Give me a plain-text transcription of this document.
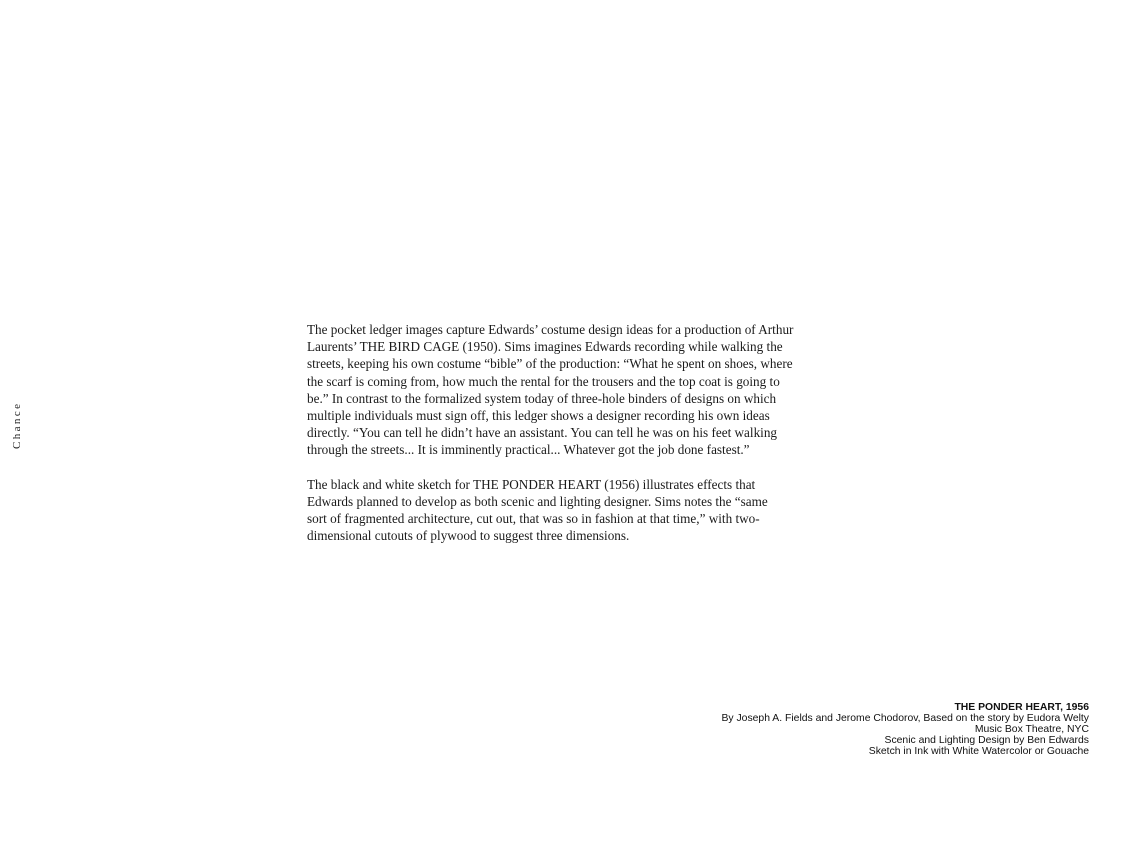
Chance
The pocket ledger images capture Edwards’ costume design ideas for a production of Arthur
Laurents’ THE BIRD CAGE (1950). Sims imagines Edwards recording while walking the
streets, keeping his own costume “bible” of the production: “What he spent on shoes, where
the scarf is coming from, how much the rental for the trousers and the top coat is going to
be.” In contrast to the formalized system today of three-hole binders of designs on which
multiple individuals must sign off, this ledger shows a designer recording his own ideas
directly. “You can tell he didn’t have an assistant. You can tell he was on his feet walking
through the streets... It is imminently practical... Whatever got the job done fastest.”
The black and white sketch for THE PONDER HEART (1956) illustrates effects that
Edwards planned to develop as both scenic and lighting designer. Sims notes the “same
sort of fragmented architecture, cut out, that was so in fashion at that time,” with two-
dimensional cutouts of plywood to suggest three dimensions.
THE PONDER HEART, 1956
By Joseph A. Fields and Jerome Chodorov, Based on the story by Eudora Welty
Music Box Theatre, NYC
Scenic and Lighting Design by Ben Edwards
Sketch in Ink with White Watercolor or Gouache
